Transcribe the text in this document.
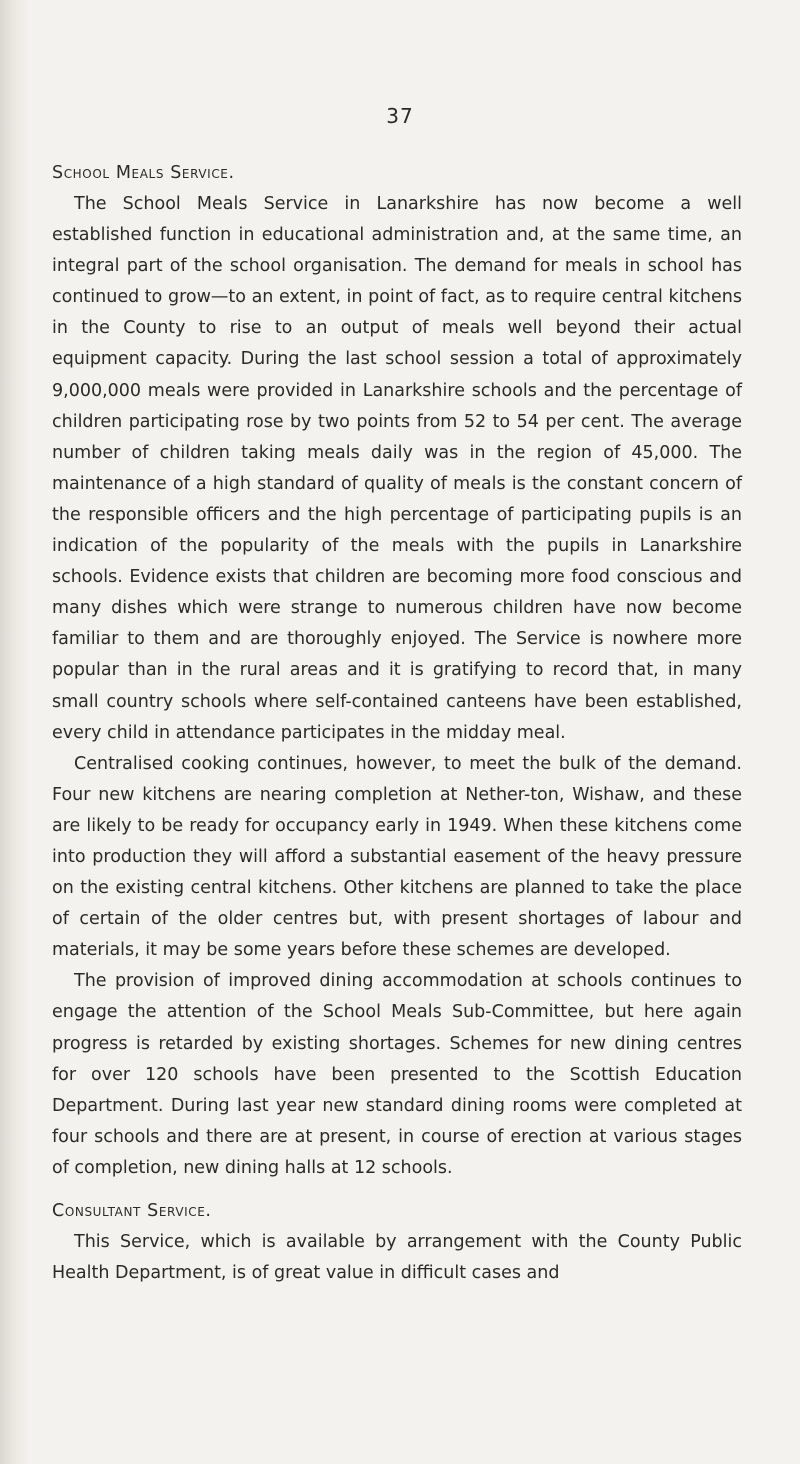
37
School Meals Service.

The School Meals Service in Lanarkshire has now become a well established function in educational administration and, at the same time, an integral part of the school organisation. The demand for meals in school has continued to grow—to an extent, in point of fact, as to require central kitchens in the County to rise to an output of meals well beyond their actual equipment capacity. During the last school session a total of approximately 9,000,000 meals were provided in Lanarkshire schools and the percentage of children participating rose by two points from 52 to 54 per cent. The average number of children taking meals daily was in the region of 45,000. The maintenance of a high standard of quality of meals is the constant concern of the responsible officers and the high percentage of participating pupils is an indication of the popularity of the meals with the pupils in Lanarkshire schools. Evidence exists that children are becoming more food conscious and many dishes which were strange to numerous children have now become familiar to them and are thoroughly enjoyed. The Service is nowhere more popular than in the rural areas and it is gratifying to record that, in many small country schools where self-contained canteens have been established, every child in attendance participates in the midday meal.

Centralised cooking continues, however, to meet the bulk of the demand. Four new kitchens are nearing completion at Nether-ton, Wishaw, and these are likely to be ready for occupancy early in 1949. When these kitchens come into production they will afford a substantial easement of the heavy pressure on the existing central kitchens. Other kitchens are planned to take the place of certain of the older centres but, with present shortages of labour and materials, it may be some years before these schemes are developed.

The provision of improved dining accommodation at schools continues to engage the attention of the School Meals Sub-Committee, but here again progress is retarded by existing shortages. Schemes for new dining centres for over 120 schools have been presented to the Scottish Education Department. During last year new standard dining rooms were completed at four schools and there are at present, in course of erection at various stages of completion, new dining halls at 12 schools.

Consultant Service.

This Service, which is available by arrangement with the County Public Health Department, is of great value in difficult cases and
